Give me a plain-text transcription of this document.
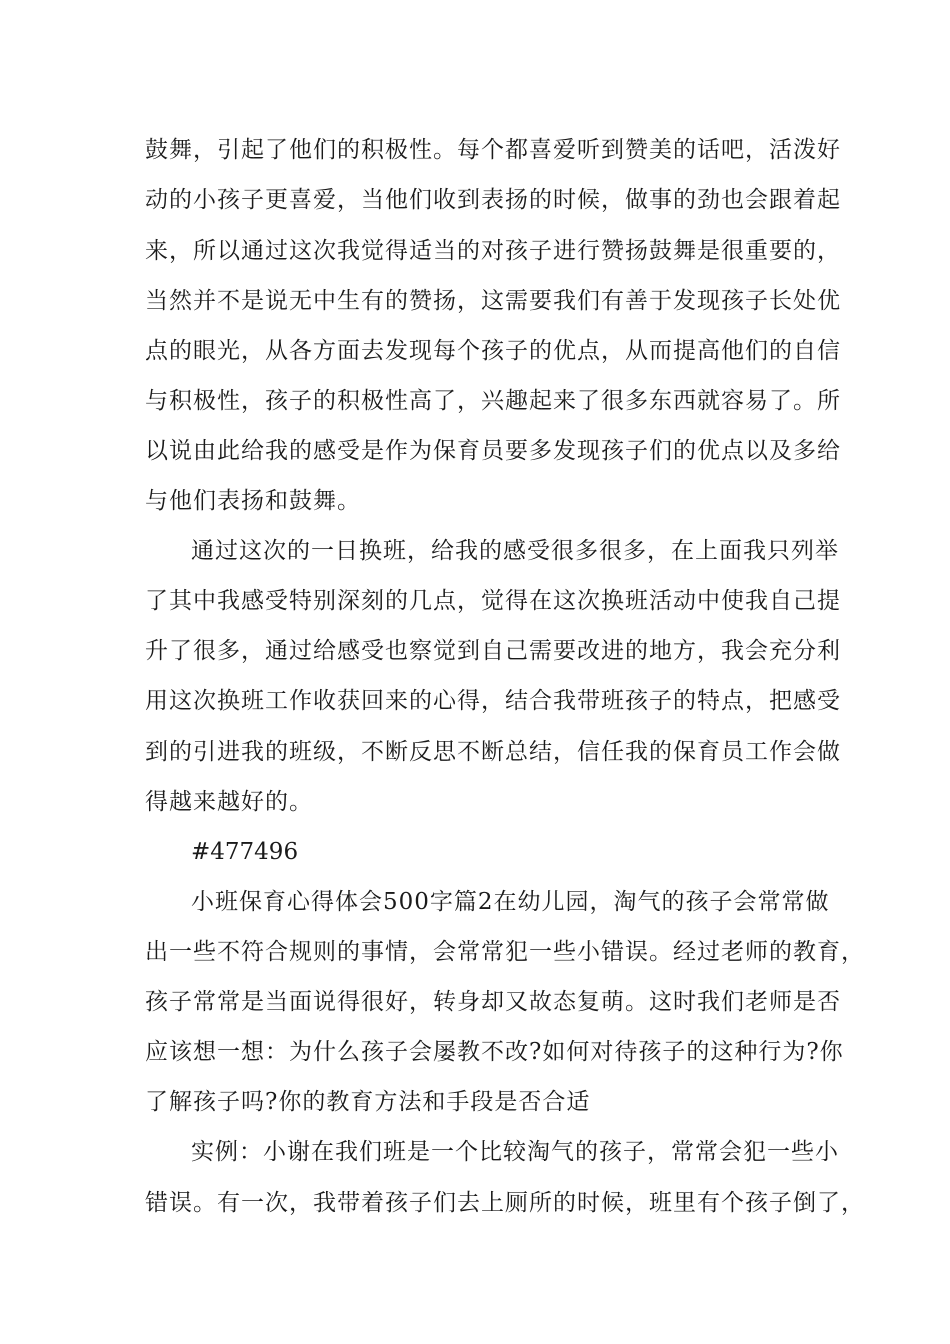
鼓舞，引起了他们的积极性。每个都喜爱听到赞美的话吧，活泼好
动的小孩子更喜爱，当他们收到表扬的时候，做事的劲也会跟着起
来，所以通过这次我觉得适当的对孩子进行赞扬鼓舞是很重要的，
当然并不是说无中生有的赞扬，这需要我们有善于发现孩子长处优
点的眼光，从各方面去发现每个孩子的优点，从而提高他们的自信
与积极性，孩子的积极性高了，兴趣起来了很多东西就容易了。所
以说由此给我的感受是作为保育员要多发现孩子们的优点以及多给
与他们表扬和鼓舞。
通过这次的一日换班，给我的感受很多很多，在上面我只列举
了其中我感受特别深刻的几点，觉得在这次换班活动中使我自己提
升了很多，通过给感受也察觉到自己需要改进的地方，我会充分利
用这次换班工作收获回来的心得，结合我带班孩子的特点，把感受
到的引进我的班级，不断反思不断总结，信任我的保育员工作会做
得越来越好的。
#477496
小班保育心得体会500字篇2在幼儿园，淘气的孩子会常常做
出一些不符合规则的事情，会常常犯一些小错误。经过老师的教育，
孩子常常是当面说得很好，转身却又故态复萌。这时我们老师是否
应该想一想：为什么孩子会屡教不改?如何对待孩子的这种行为?你
了解孩子吗?你的教育方法和手段是否合适
实例：小谢在我们班是一个比较淘气的孩子，常常会犯一些小
错误。有一次，我带着孩子们去上厕所的时候，班里有个孩子倒了，
